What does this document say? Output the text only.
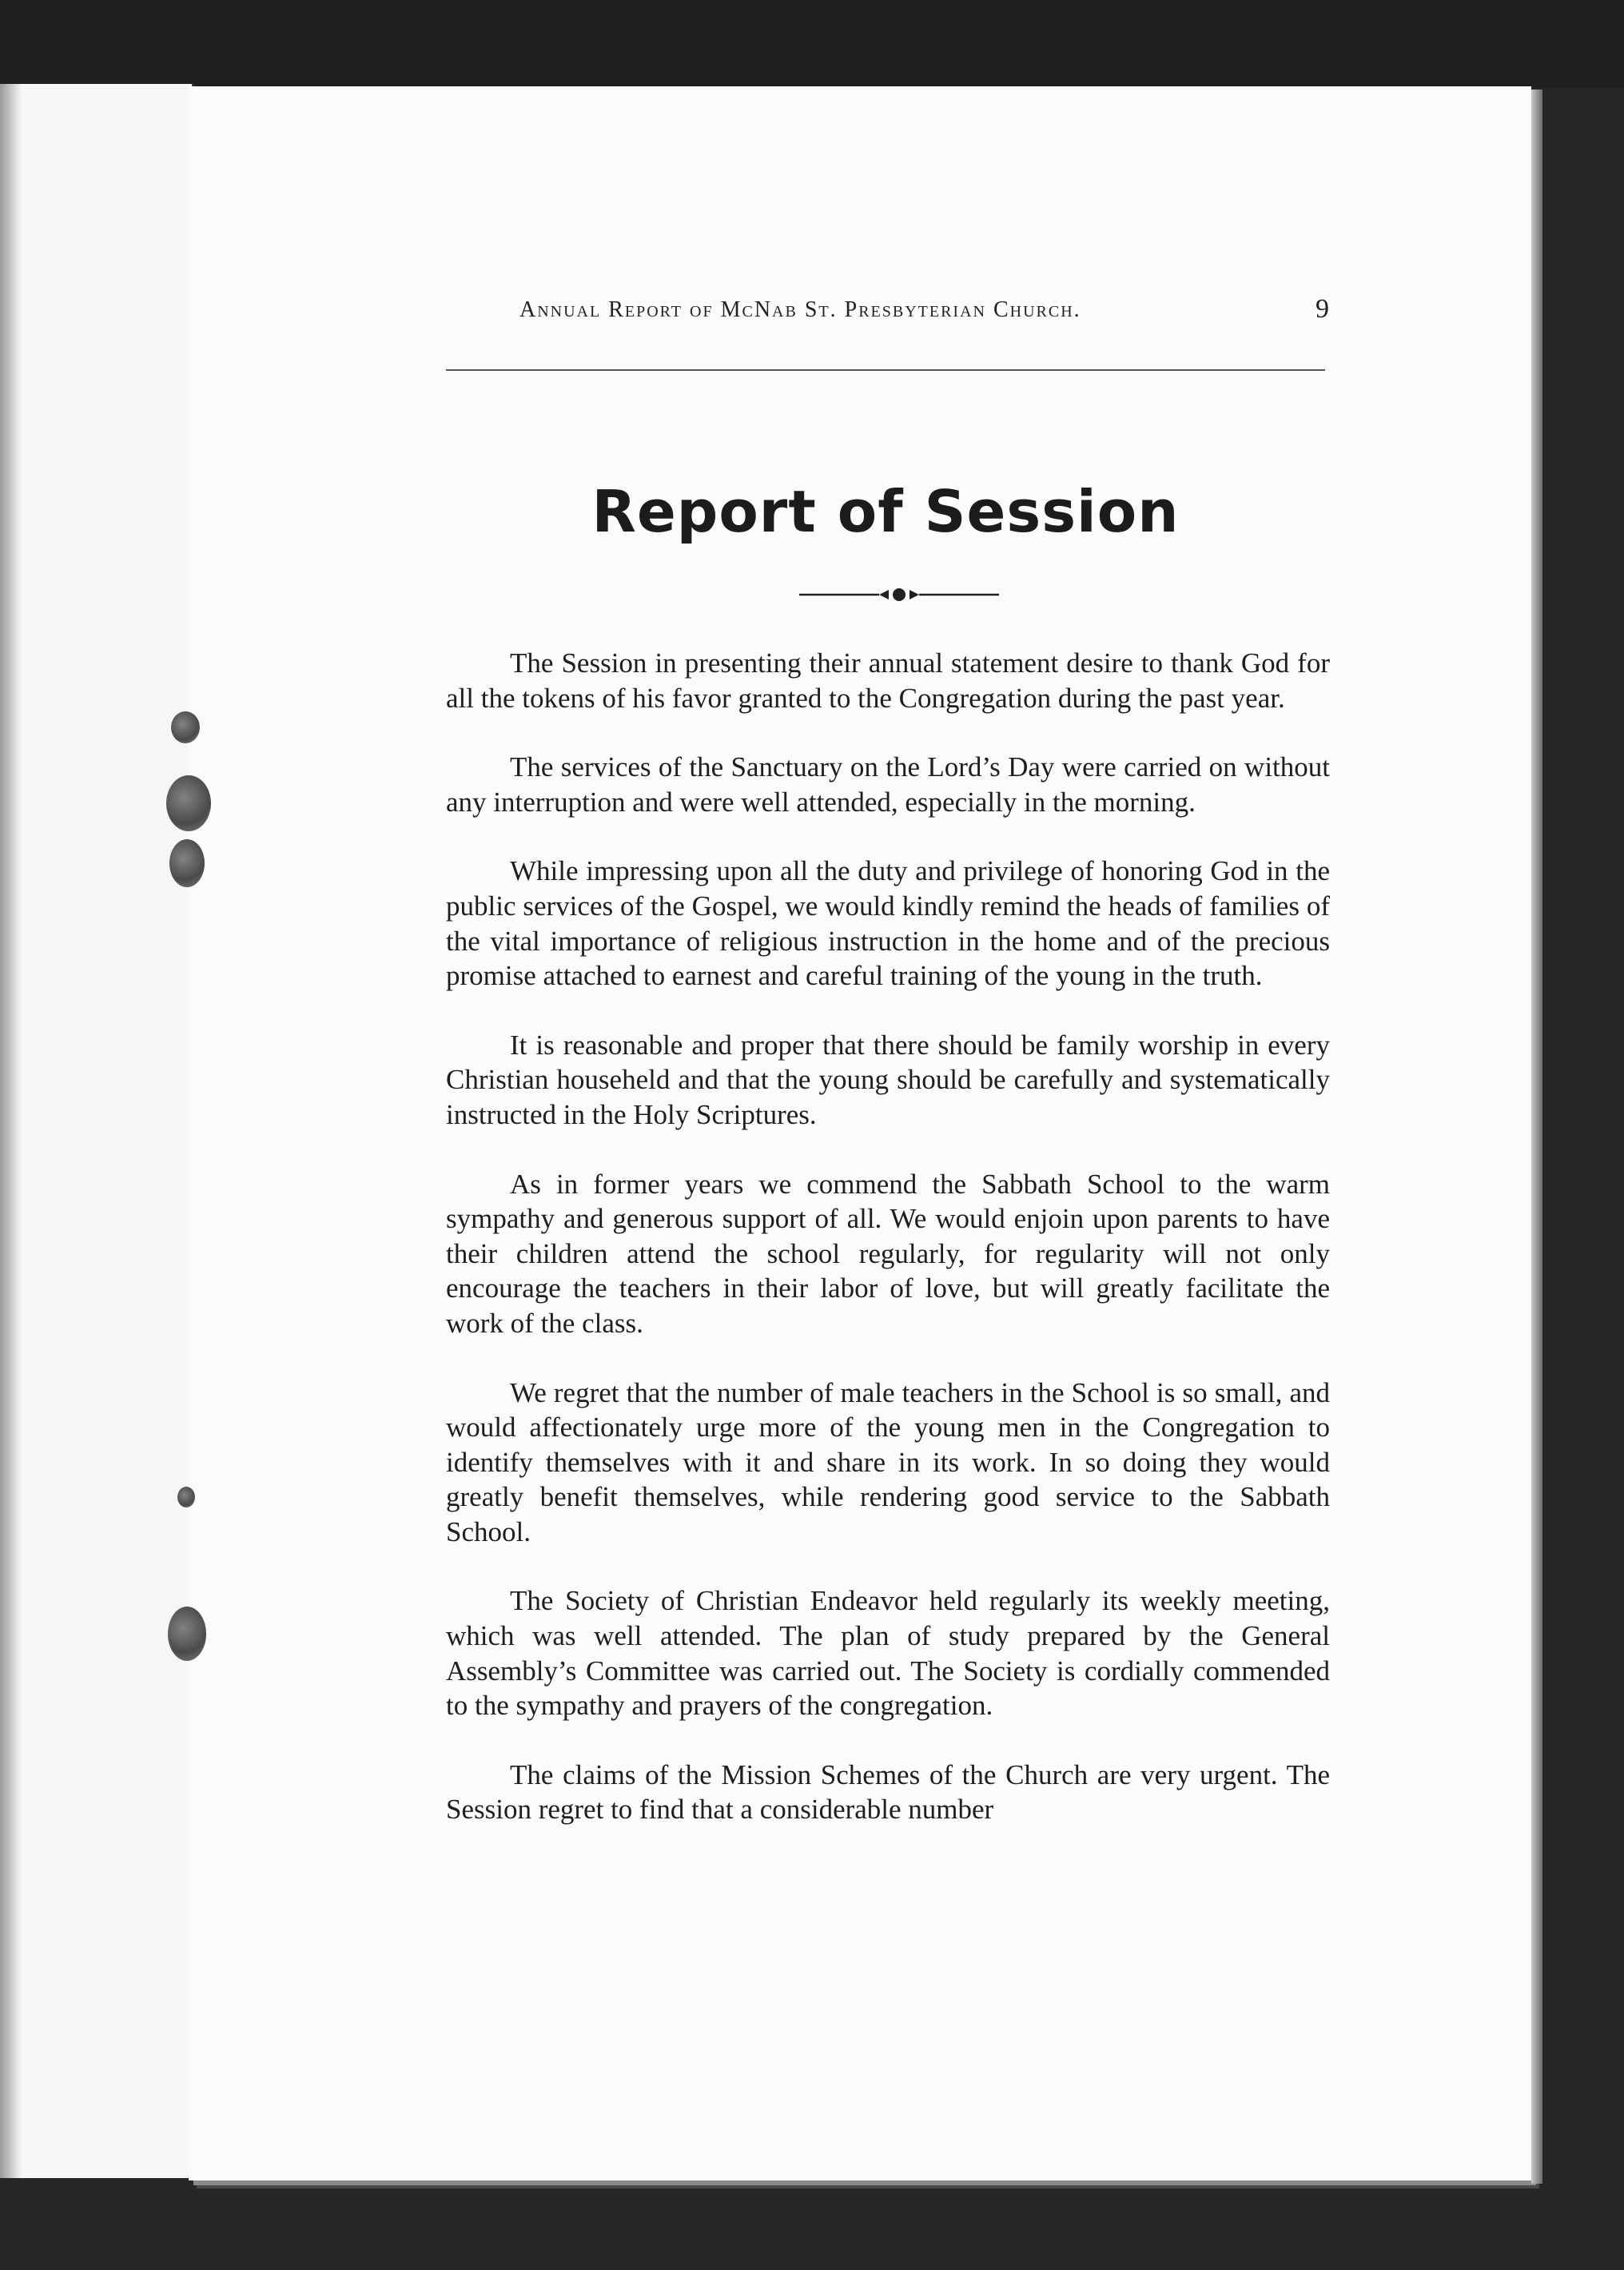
Annual Report of McNab St. Presbyterian Church.	9
Report of Session

The Session in presenting their annual statement desire to thank God for all the tokens of his favor granted to the Congregation during the past year.

The services of the Sanctuary on the Lord’s Day were carried on without any interruption and were well attended, especially in the morning.

While impressing upon all the duty and privilege of honoring God in the public services of the Gospel, we would kindly remind the heads of families of the vital importance of religious instruction in the home and of the precious promise attached to earnest and careful training of the young in the truth.

It is reasonable and proper that there should be family worship in every Christian househeld and that the young should be carefully and systematically instructed in the Holy Scriptures.

As in former years we commend the Sabbath School to the warm sympathy and generous support of all. We would enjoin upon parents to have their children attend the school regularly, for regularity will not only encourage the teachers in their labor of love, but will greatly facilitate the work of the class.

We regret that the number of male teachers in the School is so small, and would affectionately urge more of the young men in the Congregation to identify themselves with it and share in its work. In so doing they would greatly benefit themselves, while rendering good service to the Sabbath School.

The Society of Christian Endeavor held regularly its weekly meeting, which was well attended. The plan of study prepared by the General Assembly’s Committee was carried out. The Society is cordially commended to the sympathy and prayers of the congregation.

The claims of the Mission Schemes of the Church are very urgent. The Session regret to find that a considerable number
